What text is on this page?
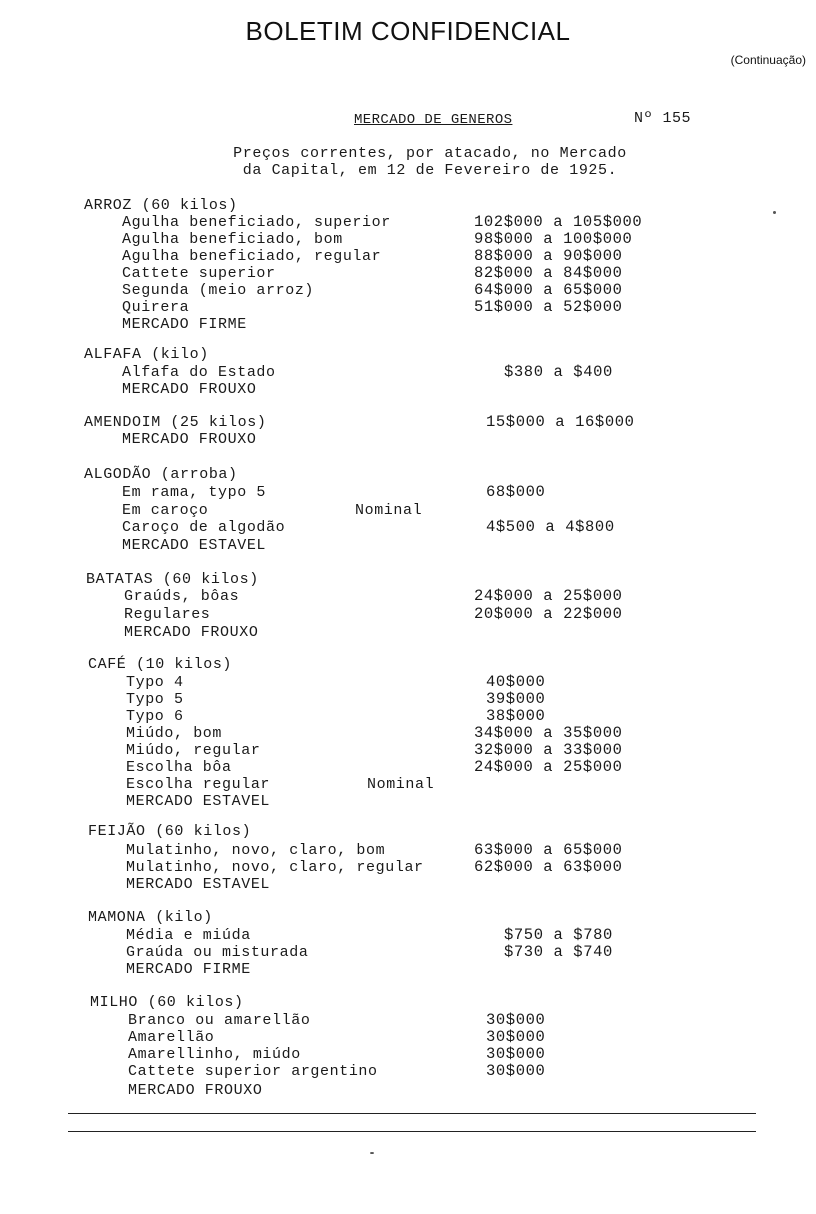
BOLETIM CONFIDENCIAL
(Continuação)
MERCADO DE GENEROS	Nº 155
Preços correntes, por atacado, no Mercado
da Capital, em 12 de Fevereiro de 1925.
ARROZ (60 kilos)
Agulha beneficiado, superior	102$000 a 105$000
Agulha beneficiado, bom	98$000 a 100$000
Agulha beneficiado, regular	88$000 a 90$000
Cattete superior	82$000 a 84$000
Segunda (meio arroz)	64$000 a 65$000
Quirera	51$000 a 52$000
MERCADO FIRME
ALFAFA (kilo)
Alfafa do Estado	$380 a $400
MERCADO FROUXO
AMENDOIM (25 kilos)	15$000 a 16$000
MERCADO FROUXO
ALGODÃO (arroba)
Em rama, typo 5	68$000
Em caroço	Nominal
Caroço de algodão	4$500 a 4$800
MERCADO ESTAVEL
BATATAS (60 kilos)
Graúds, bôas	24$000 a 25$000
Regulares	20$000 a 22$000
MERCADO FROUXO
CAFÉ (10 kilos)
Typo 4	40$000
Typo 5	39$000
Typo 6	38$000
Miúdo, bom	34$000 a 35$000
Miúdo, regular	32$000 a 33$000
Escolha bôa	24$000 a 25$000
Escolha regular	Nominal
MERCADO ESTAVEL
FEIJÃO (60 kilos)
Mulatinho, novo, claro, bom	63$000 a 65$000
Mulatinho, novo, claro, regular	62$000 a 63$000
MERCADO ESTAVEL
MAMONA (kilo)
Média e miúda	$750 a $780
Graúda ou misturada	$730 a $740
MERCADO FIRME
MILHO (60 kilos)
Branco ou amarellão	30$000
Amarellão	30$000
Amarellinho, miúdo	30$000
Cattete superior argentino	30$000
MERCADO FROUXO
